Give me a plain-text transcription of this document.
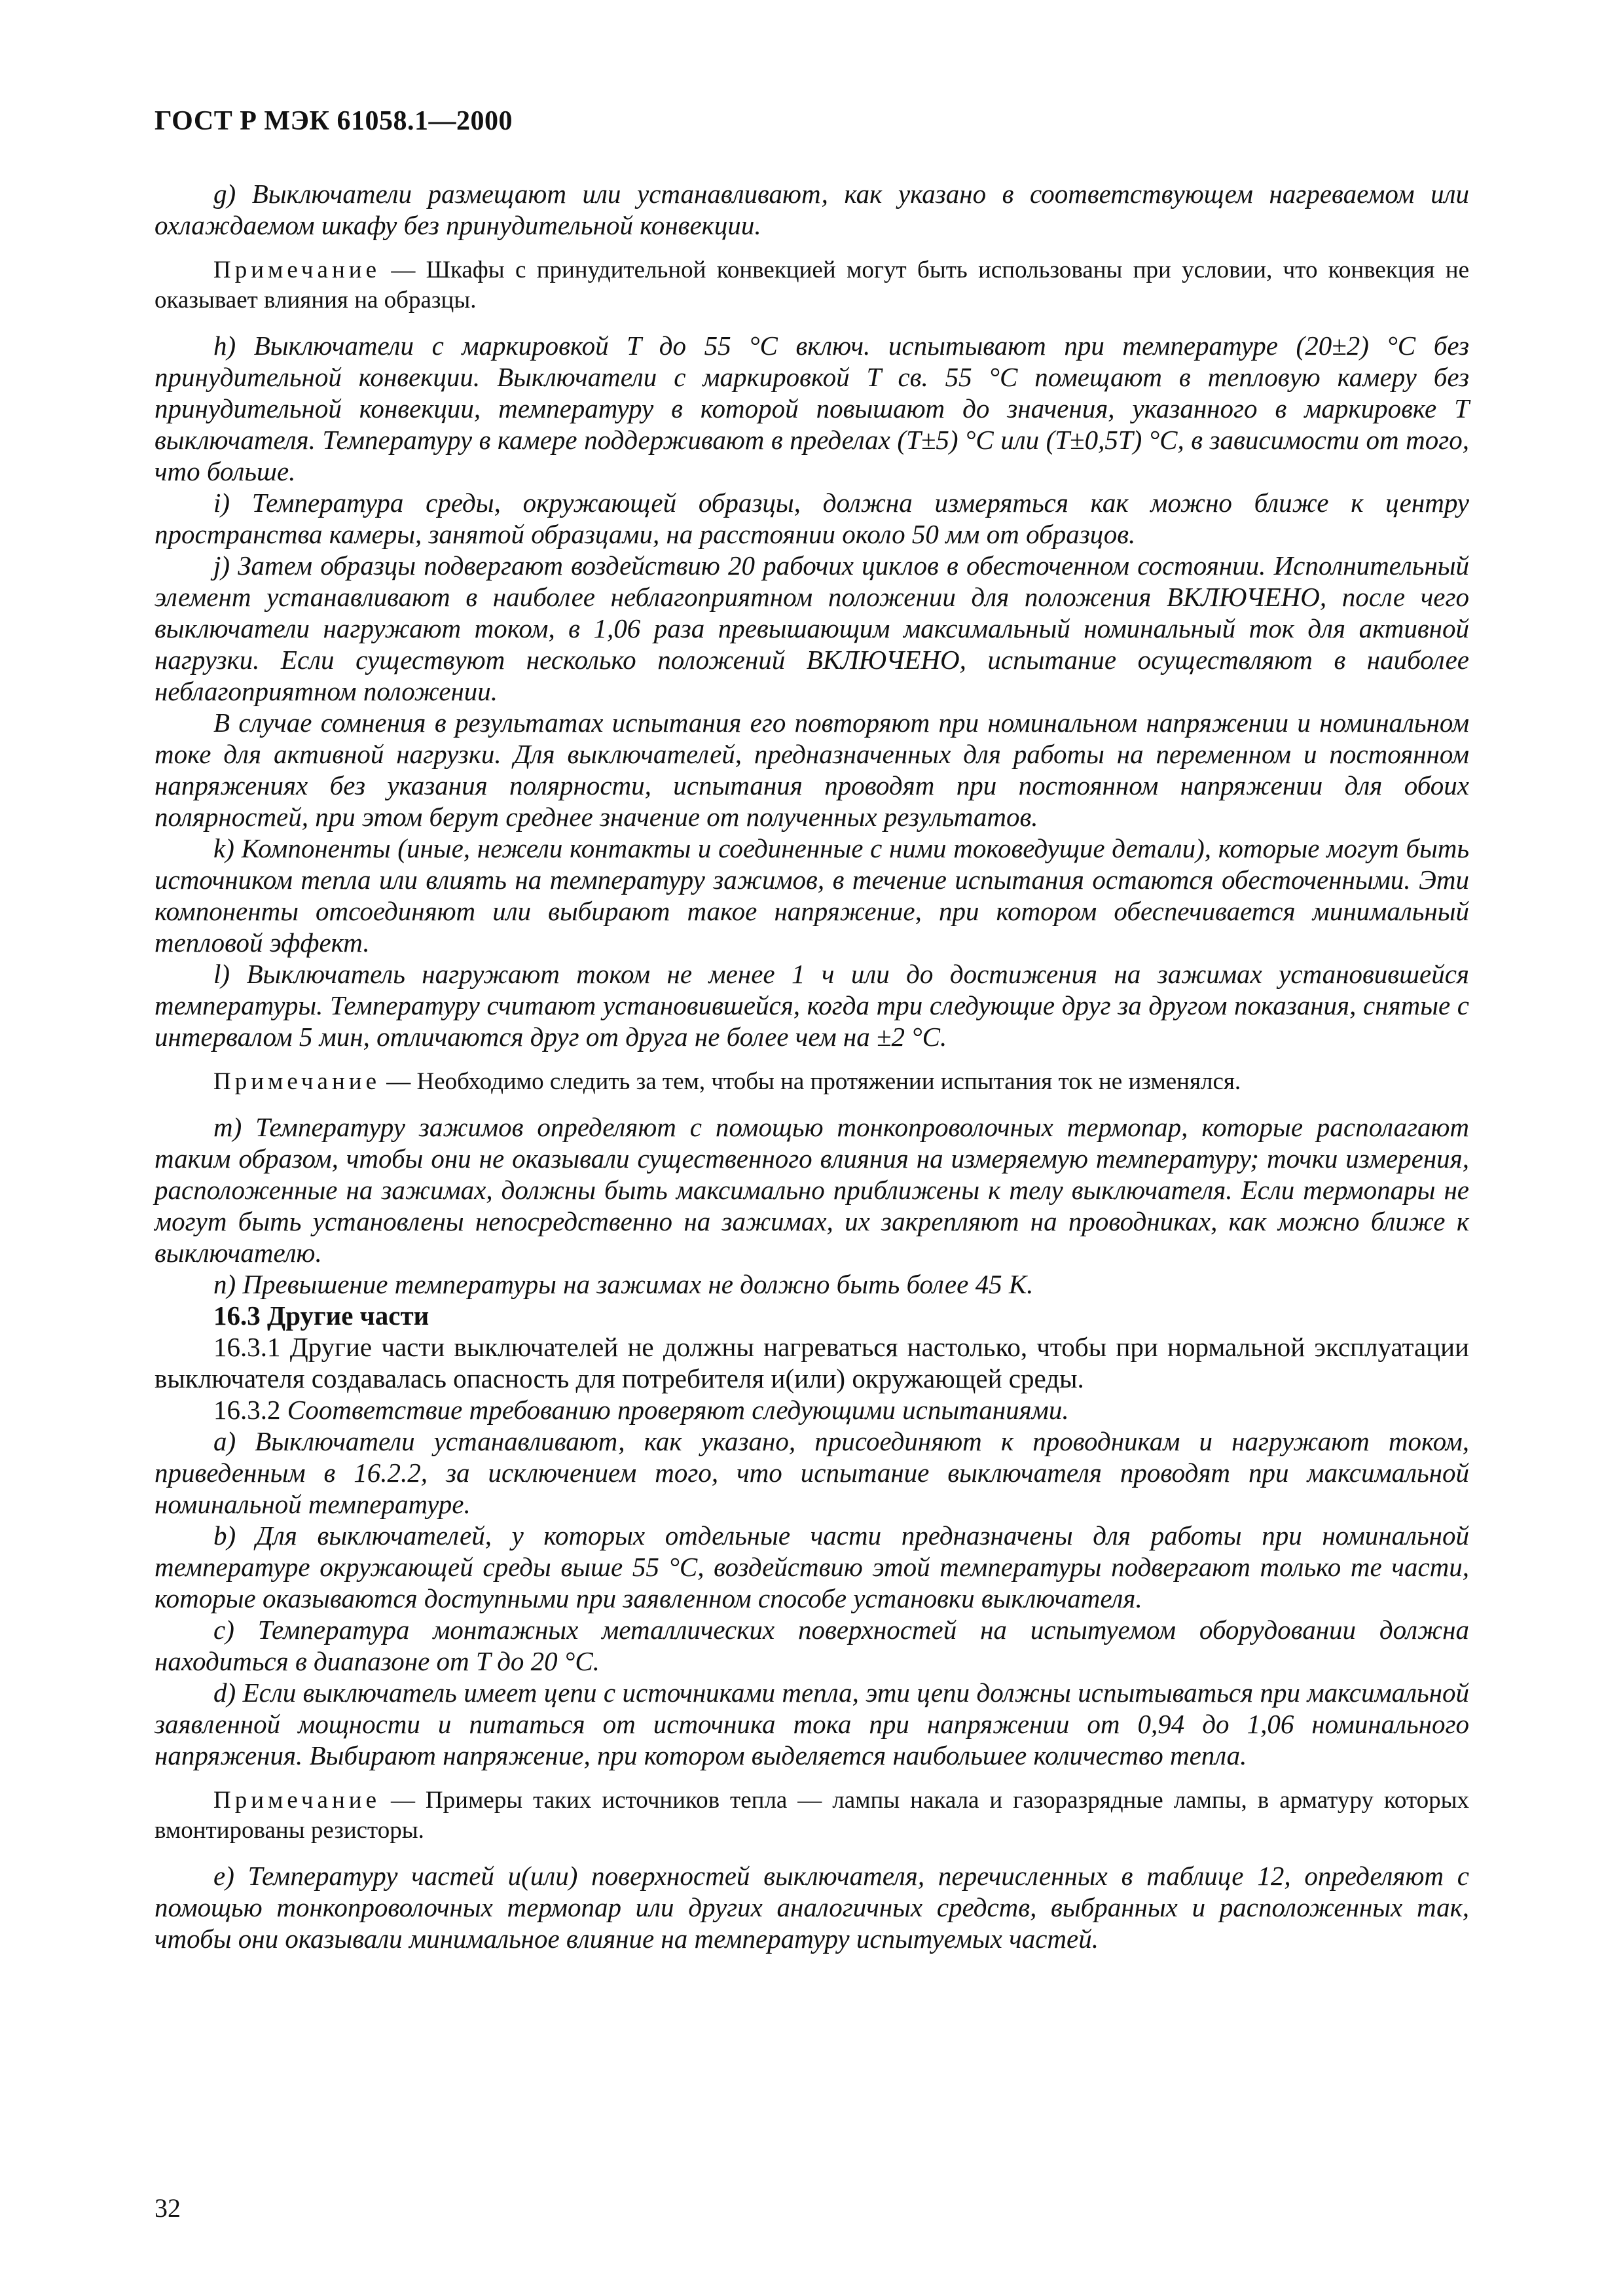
ГОСТ Р МЭК 61058.1—2000

g) Выключатели размещают или устанавливают, как указано в соответствующем нагреваемом или охлаждаемом шкафу без принудительной конвекции.

Примечание — Шкафы с принудительной конвекцией могут быть использованы при условии, что конвекция не оказывает влияния на образцы.

h) Выключатели с маркировкой T до 55 °C включ. испытывают при температуре (20±2) °C без принудительной конвекции. Выключатели с маркировкой T св. 55 °C помещают в тепловую камеру без принудительной конвекции, температуру в которой повышают до значения, указанного в маркировке T выключателя. Температуру в камере поддерживают в пределах (T±5) °C или (T±0,5T) °C, в зависимости от того, что больше.

i) Температура среды, окружающей образцы, должна измеряться как можно ближе к центру пространства камеры, занятой образцами, на расстоянии около 50 мм от образцов.

j) Затем образцы подвергают воздействию 20 рабочих циклов в обесточенном состоянии. Исполнительный элемент устанавливают в наиболее неблагоприятном положении для положения ВКЛЮЧЕНО, после чего выключатели нагружают током, в 1,06 раза превышающим максимальный номинальный ток для активной нагрузки. Если существуют несколько положений ВКЛЮЧЕНО, испытание осуществляют в наиболее неблагоприятном положении.

В случае сомнения в результатах испытания его повторяют при номинальном напряжении и номинальном токе для активной нагрузки. Для выключателей, предназначенных для работы на переменном и постоянном напряжениях без указания полярности, испытания проводят при постоянном напряжении для обоих полярностей, при этом берут среднее значение от полученных результатов.

k) Компоненты (иные, нежели контакты и соединенные с ними токоведущие детали), которые могут быть источником тепла или влиять на температуру зажимов, в течение испытания остаются обесточенными. Эти компоненты отсоединяют или выбирают такое напряжение, при котором обеспечивается минимальный тепловой эффект.

l) Выключатель нагружают током не менее 1 ч или до достижения на зажимах установившейся температуры. Температуру считают установившейся, когда три следующие друг за другом показания, снятые с интервалом 5 мин, отличаются друг от друга не более чем на ±2 °C.

Примечание — Необходимо следить за тем, чтобы на протяжении испытания ток не изменялся.

m) Температуру зажимов определяют с помощью тонкопроволочных термопар, которые располагают таким образом, чтобы они не оказывали существенного влияния на измеряемую температуру; точки измерения, расположенные на зажимах, должны быть максимально приближены к телу выключателя. Если термопары не могут быть установлены непосредственно на зажимах, их закрепляют на проводниках, как можно ближе к выключателю.

n) Превышение температуры на зажимах не должно быть более 45 K.

16.3 Другие части

16.3.1 Другие части выключателей не должны нагреваться настолько, чтобы при нормальной эксплуатации выключателя создавалась опасность для потребителя и(или) окружающей среды.

16.3.2 Соответствие требованию проверяют следующими испытаниями.

a) Выключатели устанавливают, как указано, присоединяют к проводникам и нагружают током, приведенным в 16.2.2, за исключением того, что испытание выключателя проводят при максимальной номинальной температуре.

b) Для выключателей, у которых отдельные части предназначены для работы при номинальной температуре окружающей среды выше 55 °C, воздействию этой температуры подвергают только те части, которые оказываются доступными при заявленном способе установки выключателя.

c) Температура монтажных металлических поверхностей на испытуемом оборудовании должна находиться в диапазоне от T до 20 °C.

d) Если выключатель имеет цепи с источниками тепла, эти цепи должны испытываться при максимальной заявленной мощности и питаться от источника тока при напряжении от 0,94 до 1,06 номинального напряжения. Выбирают напряжение, при котором выделяется наибольшее количество тепла.

Примечание — Примеры таких источников тепла — лампы накала и газоразрядные лампы, в арматуру которых вмонтированы резисторы.

e) Температуру частей и(или) поверхностей выключателя, перечисленных в таблице 12, определяют с помощью тонкопроволочных термопар или других аналогичных средств, выбранных и расположенных так, чтобы они оказывали минимальное влияние на температуру испытуемых частей.

32
